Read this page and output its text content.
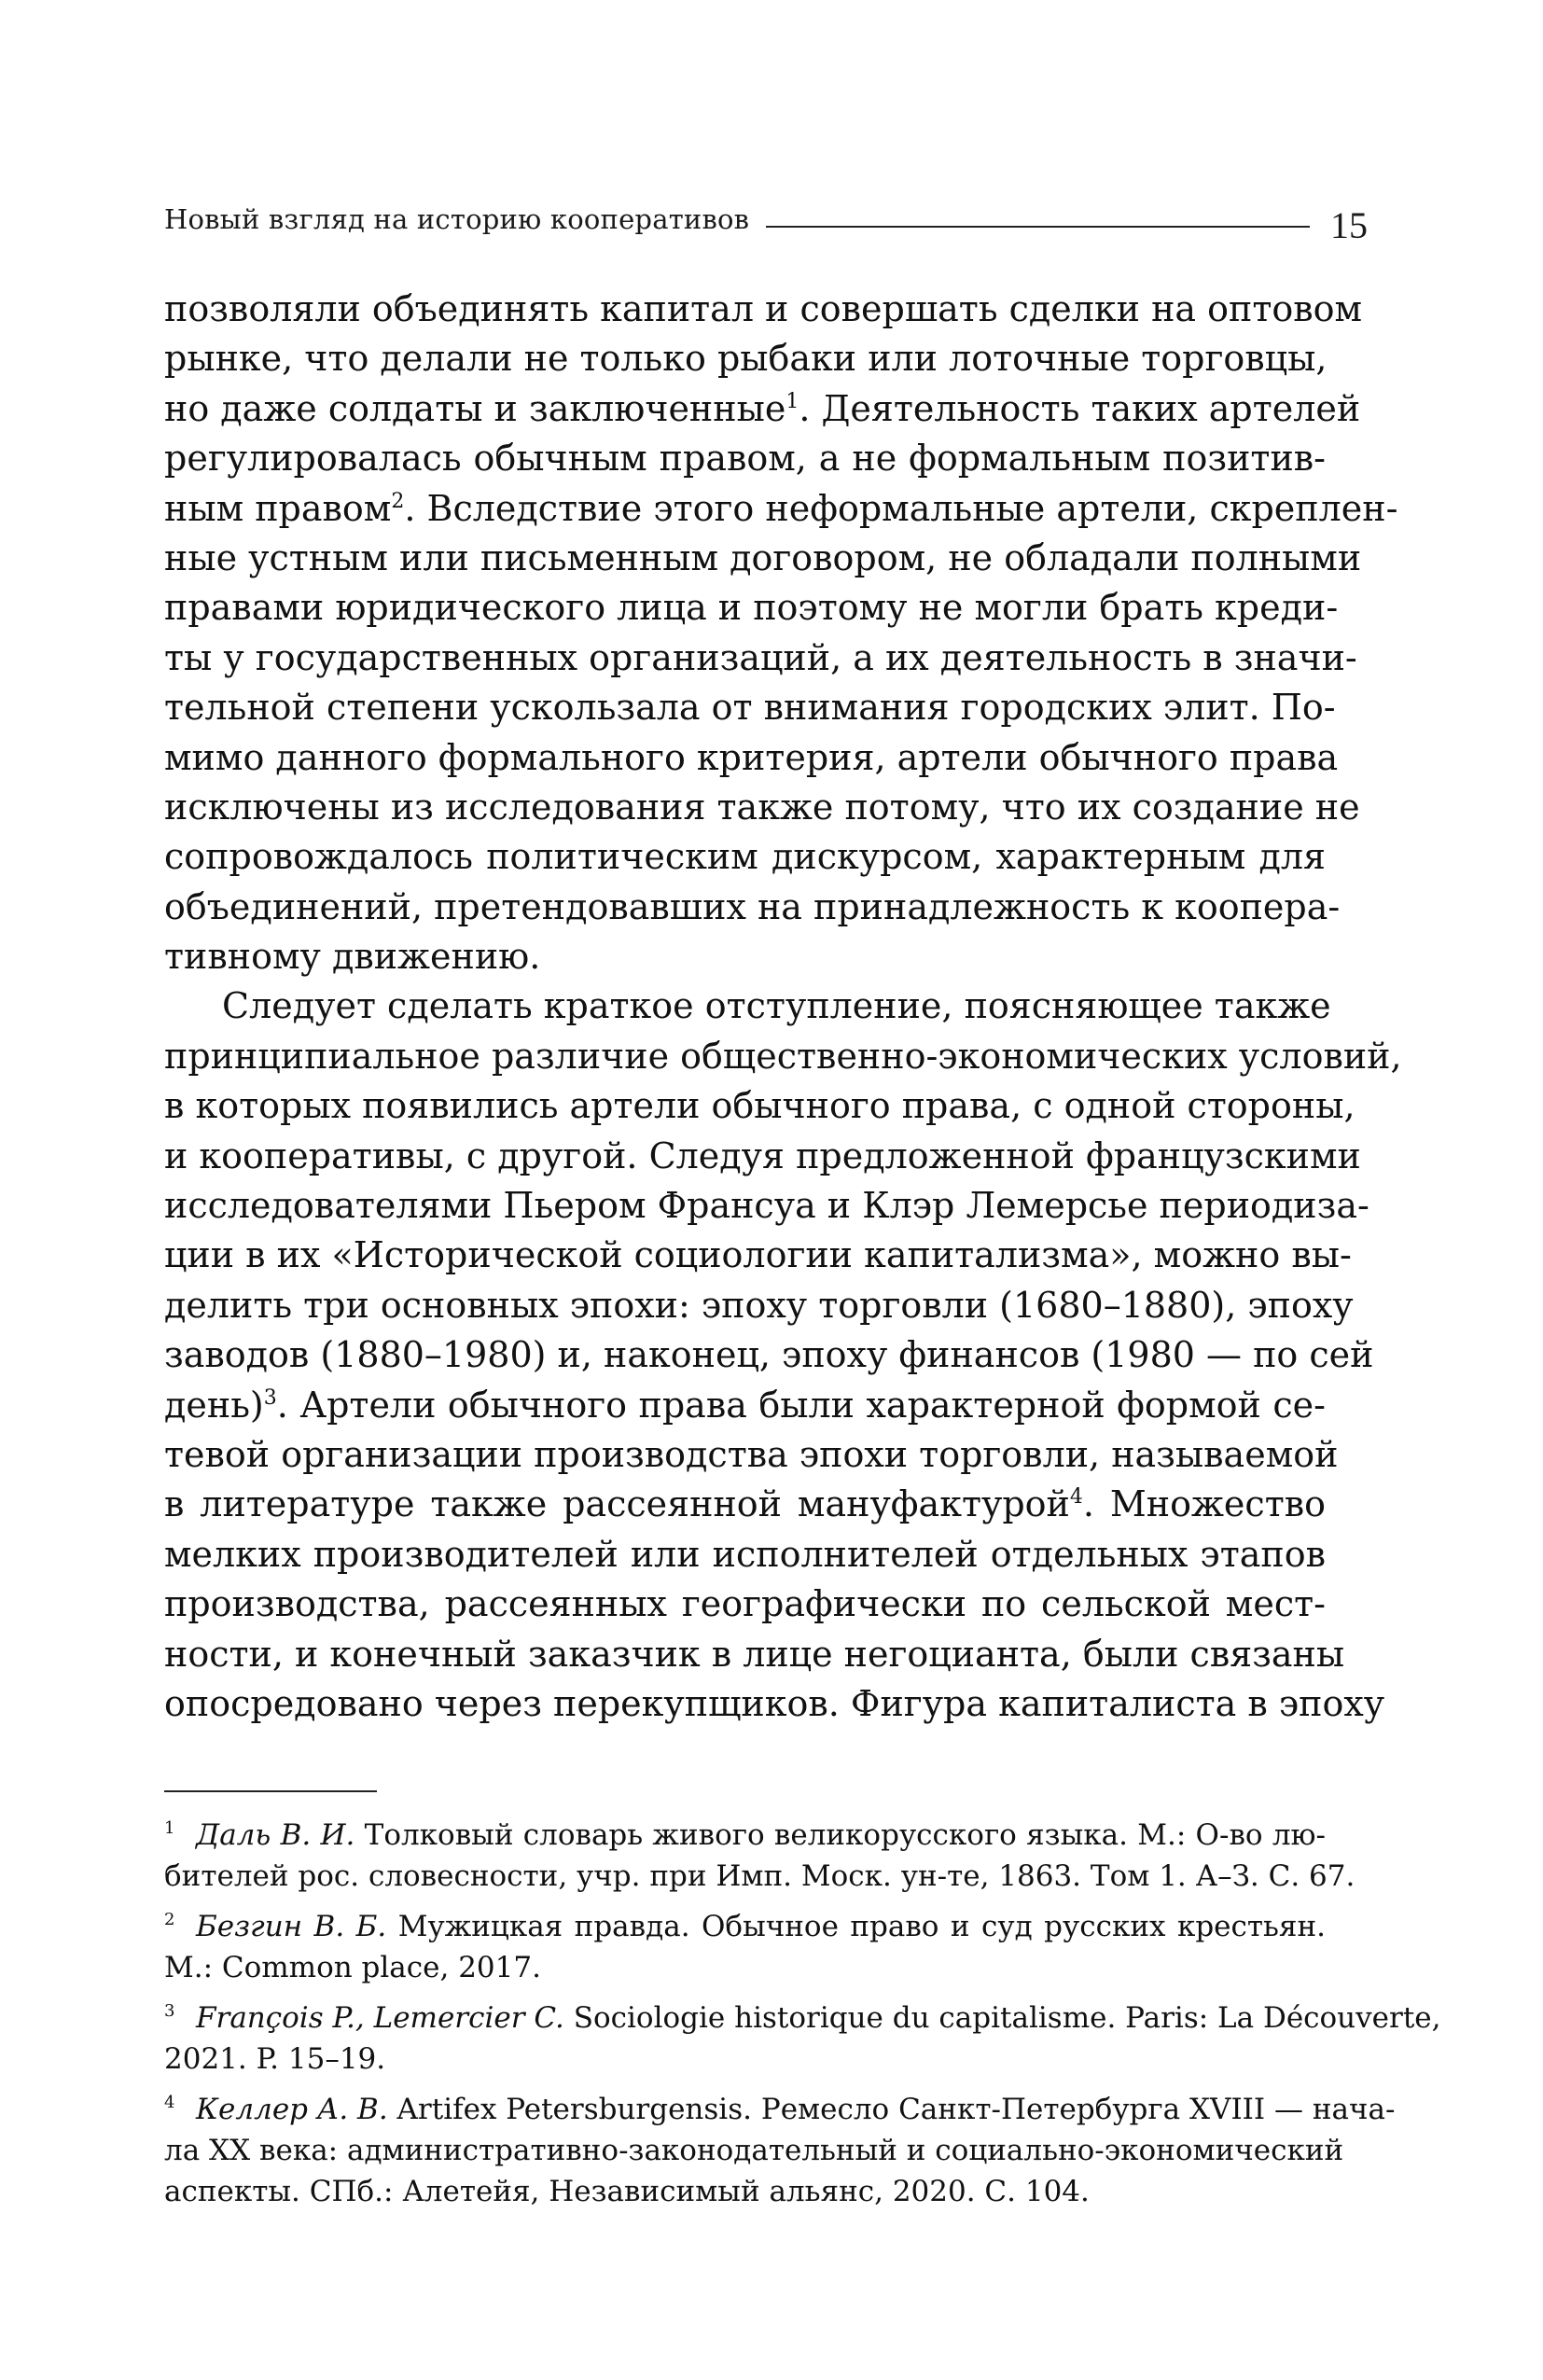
Новый взгляд на историю кооперативов	15
позволяли объединять капитал и совершать сделки на оптовом
рынке, что делали не только рыбаки или лоточные торговцы,
но даже солдаты и заключенные$^1$. Деятельность таких артелей
регулировалась обычным правом, а не формальным позитив-
ным правом$^2$. Вследствие этого неформальные артели, скреплен-
ные устным или письменным договором, не обладали полными
правами юридического лица и поэтому не могли брать креди-
ты у государственных организаций, а их деятельность в значи-
тельной степени ускользала от внимания городских элит. По-
мимо данного формального критерия, артели обычного права
исключены из исследования также потому, что их создание не
сопровождалось политическим дискурсом, характерным для
объединений, претендовавших на принадлежность к коопера-
тивному движению.
Следует сделать краткое отступление, поясняющее также
принципиальное различие общественно-экономических условий,
в которых появились артели обычного права, с одной стороны,
и кооперативы, с другой. Следуя предложенной французскими
исследователями Пьером Франсуа и Клэр Лемерсье периодиза-
ции в их «Исторической социологии капитализма», можно вы-
делить три основных эпохи: эпоху торговли (1680–1880), эпоху
заводов (1880–1980) и, наконец, эпоху финансов (1980 — по сей
день)$^3$. Артели обычного права были характерной формой се-
тевой организации производства эпохи торговли, называемой
в литературе также рассеянной мануфактурой$^4$. Множество
мелких производителей или исполнителей отдельных этапов
производства, рассеянных географически по сельской мест-
ности, и конечный заказчик в лице негоцианта, были связаны
опосредовано через перекупщиков. Фигура капиталиста в эпоху
$^1$ Даль В. И. Толковый словарь живого великорусского языка. М.: О-во лю-
бителей рос. словесности, учр. при Имп. Моск. ун-те, 1863. Том 1. А–З. С. 67.
$^2$ Безгин В. Б. Мужицкая правда. Обычное право и суд русских крестьян.
М.: Common place, 2017.
$^3$ François P., Lemercier C. Sociologie historique du capitalisme. Paris: La Découverte,
2021. P. 15–19.
$^4$ Келлер А. В. Artifex Petersburgensis. Ремесло Санкт-Петербурга XVIII — нача-
ла XX века: административно-законодательный и социально-экономический
аспекты. СПб.: Алетейя, Независимый альянс, 2020. С. 104.
